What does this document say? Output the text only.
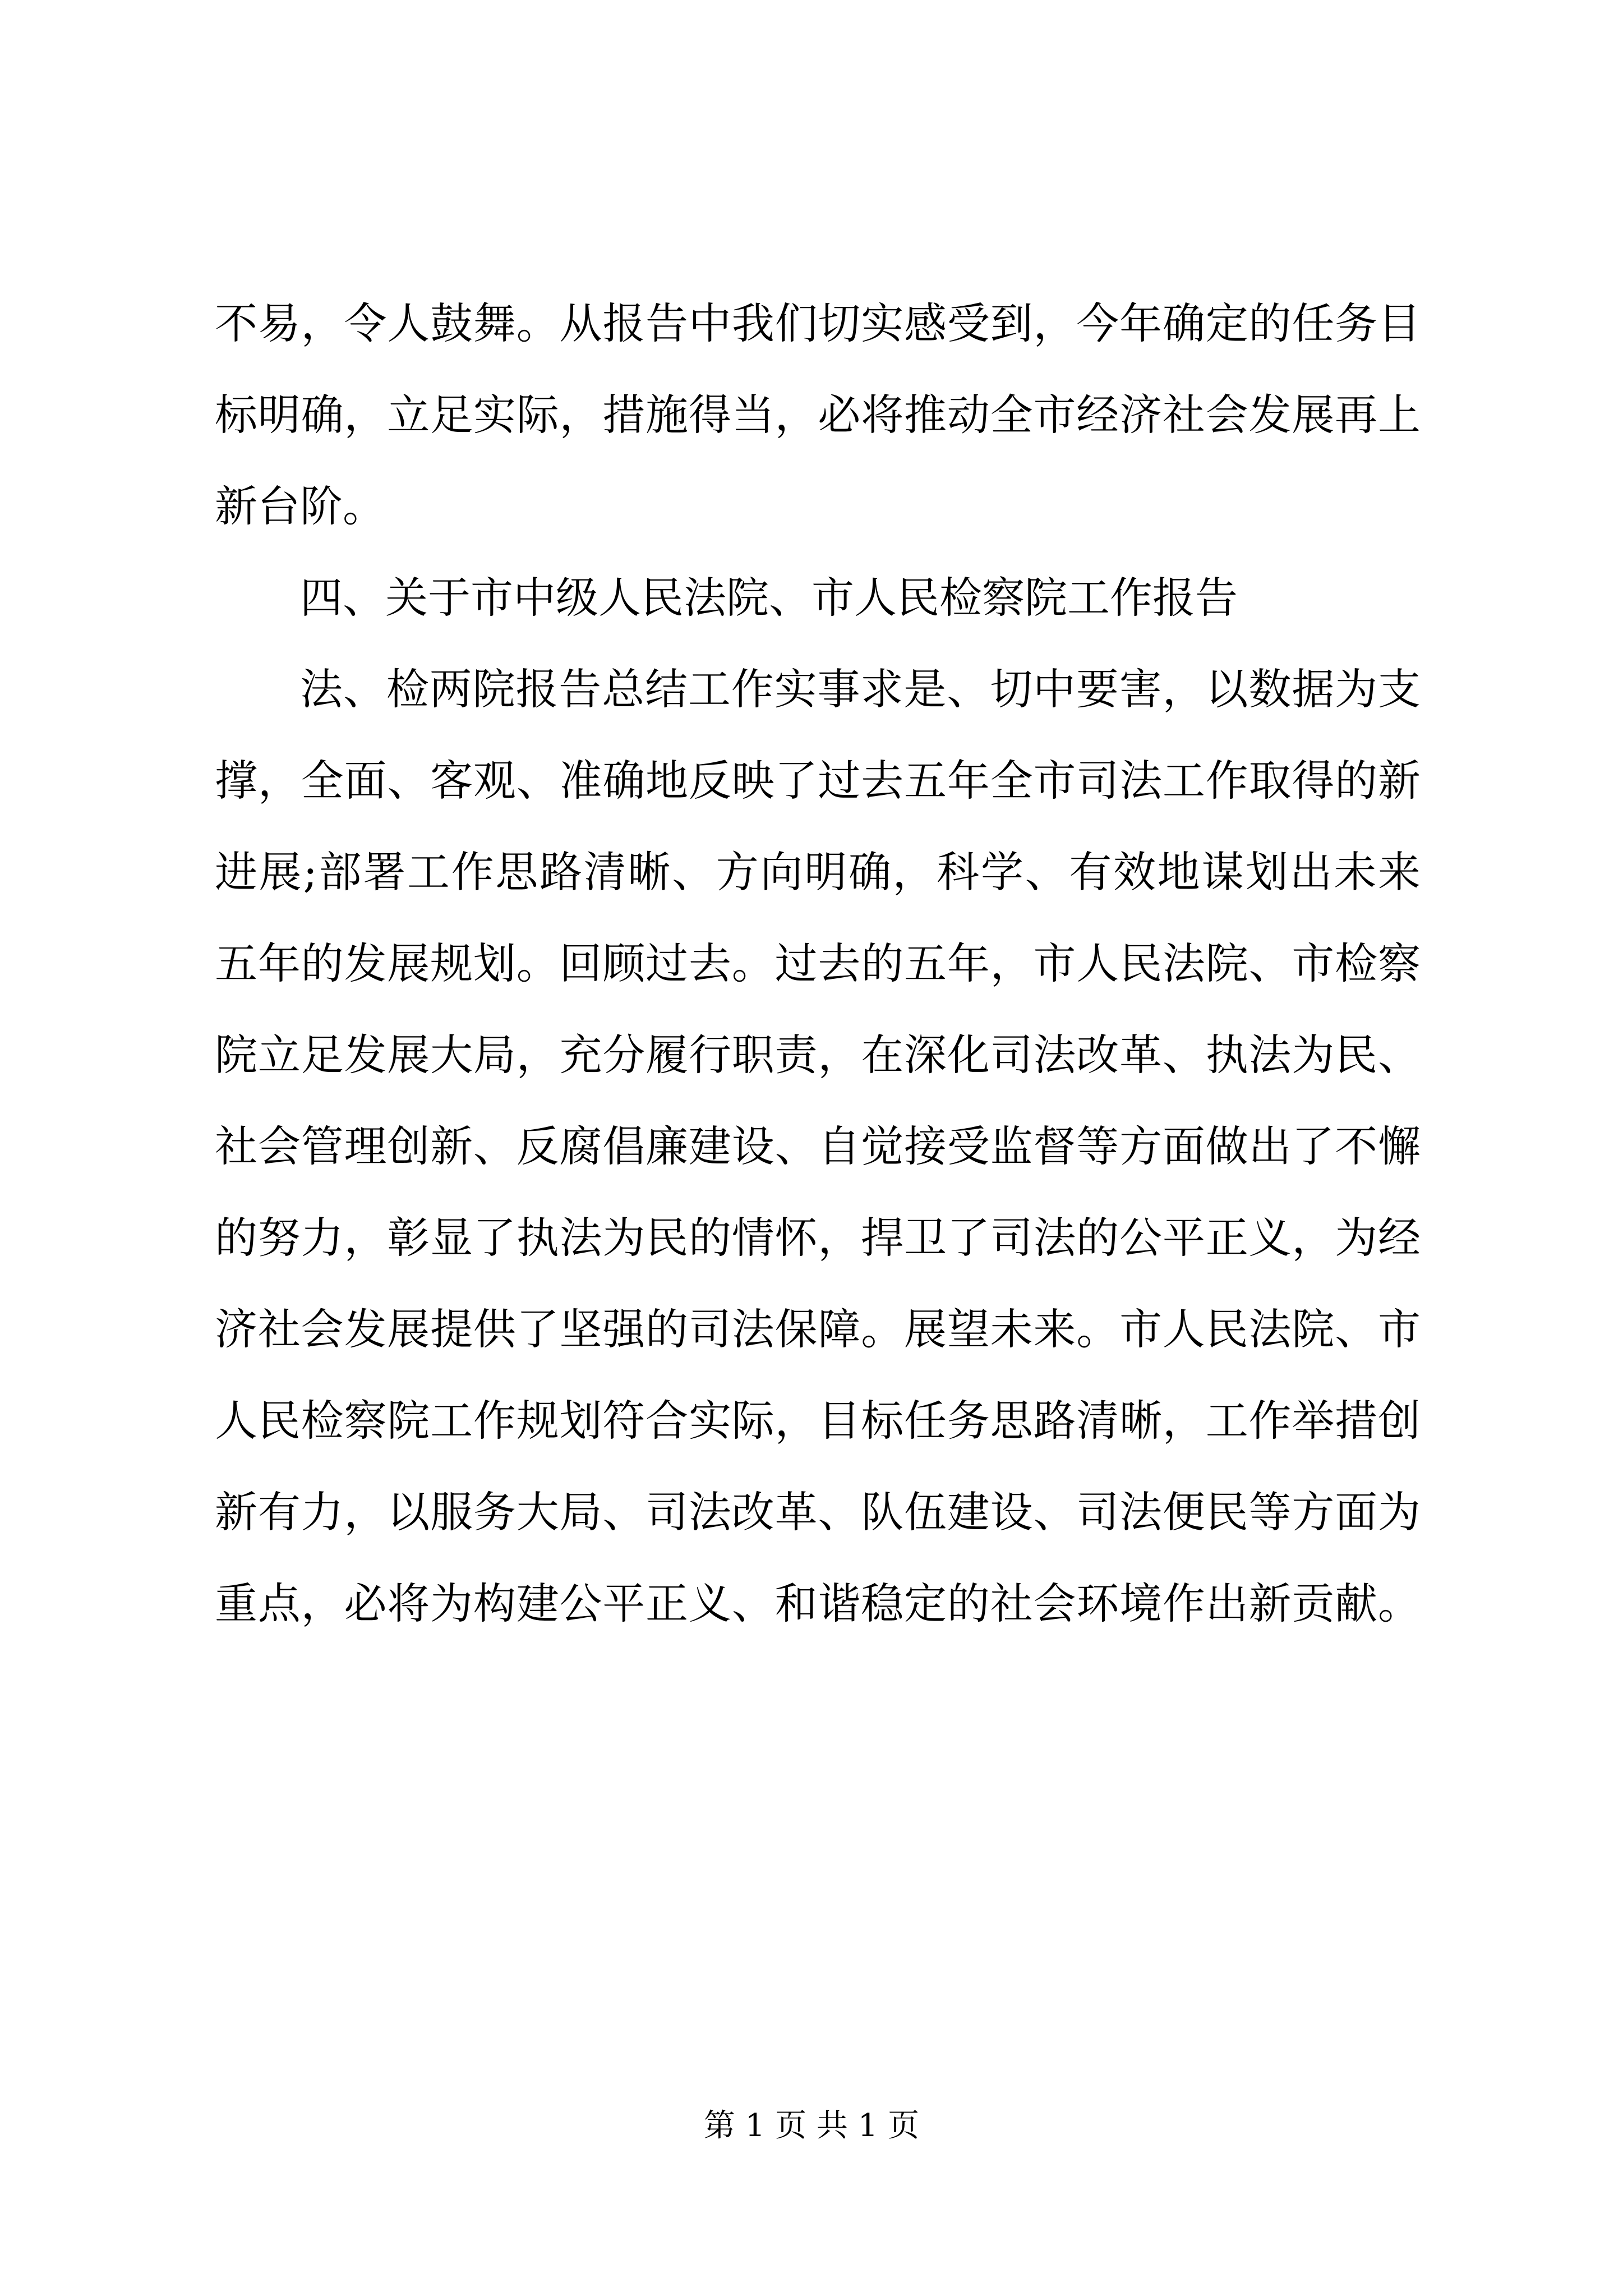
不易，令人鼓舞。从报告中我们切实感受到，今年确定的任务目

标明确，立足实际，措施得当，必将推动全市经济社会发展再上

新台阶。

四、关于市中级人民法院、市人民检察院工作报告

法、检两院报告总结工作实事求是、切中要害，以数据为支

撑，全面、客观、准确地反映了过去五年全市司法工作取得的新

进展;部署工作思路清晰、方向明确，科学、有效地谋划出未来

五年的发展规划。回顾过去。过去的五年，市人民法院、市检察

院立足发展大局，充分履行职责，在深化司法改革、执法为民、

社会管理创新、反腐倡廉建设、自觉接受监督等方面做出了不懈

的努力，彰显了执法为民的情怀，捍卫了司法的公平正义，为经

济社会发展提供了坚强的司法保障。展望未来。市人民法院、市

人民检察院工作规划符合实际，目标任务思路清晰，工作举措创

新有力，以服务大局、司法改革、队伍建设、司法便民等方面为

重点，必将为构建公平正义、和谐稳定的社会环境作出新贡献。

第 1 页 共 1 页
